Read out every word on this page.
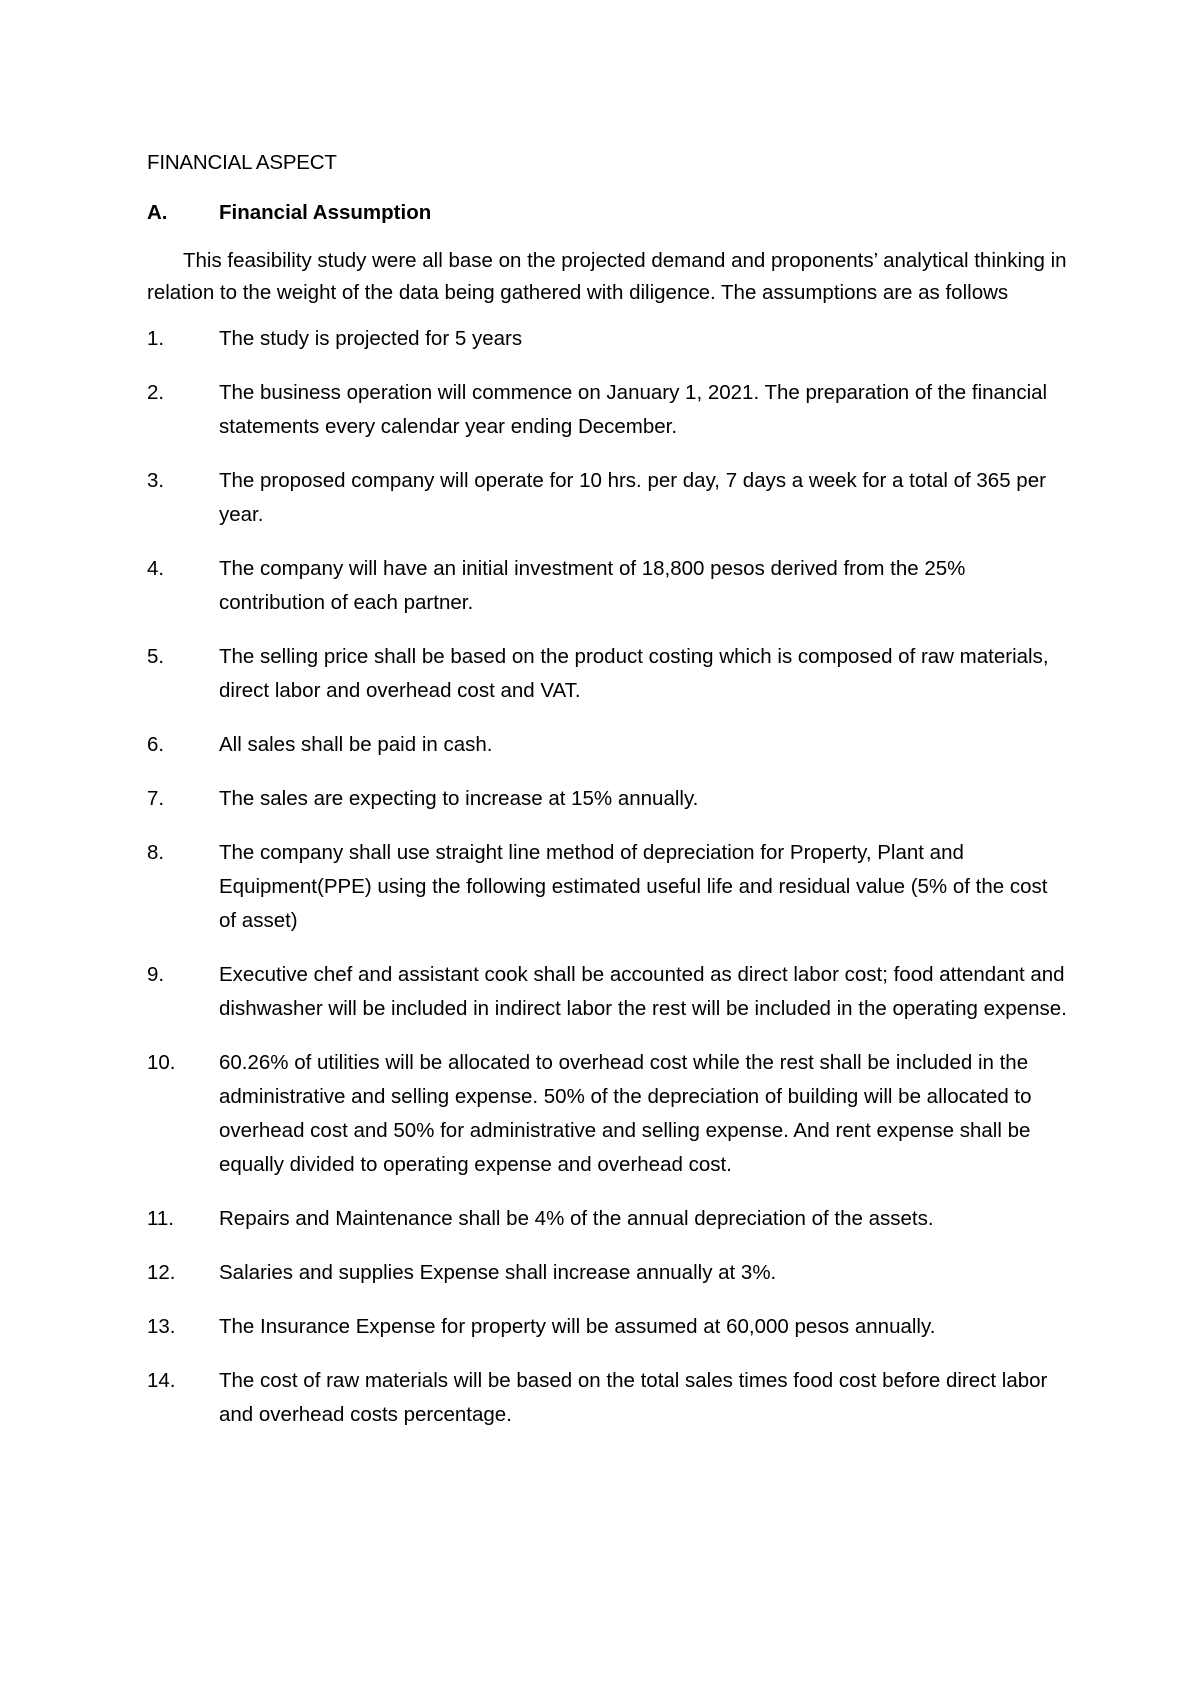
FINANCIAL ASPECT
A.	Financial Assumption

This feasibility study were all base on the projected demand and proponents’ analytical thinking in relation to the weight of the data being gathered with diligence. The assumptions are as follows

1.	The study is projected for 5 years
2.	The business operation will commence on January 1, 2021. The preparation of the financial statements every calendar year ending December.
3.	The proposed company will operate for 10 hrs. per day, 7 days a week for a total of 365 per year.
4.	The company will have an initial investment of 18,800 pesos derived from the 25% contribution of each partner.
5.	The selling price shall be based on the product costing which is composed of raw materials, direct labor and overhead cost and VAT.
6.	All sales shall be paid in cash.
7.	The sales are expecting to increase at 15% annually.
8.	The company shall use straight line method of depreciation for Property, Plant and Equipment(PPE) using the following estimated useful life and residual value (5% of the cost of asset)
9.	Executive chef and assistant cook shall be accounted as direct labor cost; food attendant and dishwasher will be included in indirect labor the rest will be included in the operating expense.
10.	60.26% of utilities will be allocated to overhead cost while the rest shall be included in the administrative and selling expense. 50% of the depreciation of building will be allocated to overhead cost and 50% for administrative and selling expense. And rent expense shall be equally divided to operating expense and overhead cost.
11.	Repairs and Maintenance shall be 4% of the annual depreciation of the assets.
12.	Salaries and supplies Expense shall increase annually at 3%.
13.	The Insurance Expense for property will be assumed at 60,000 pesos annually.
14.	The cost of raw materials will be based on the total sales times food cost before direct labor and overhead costs percentage.
